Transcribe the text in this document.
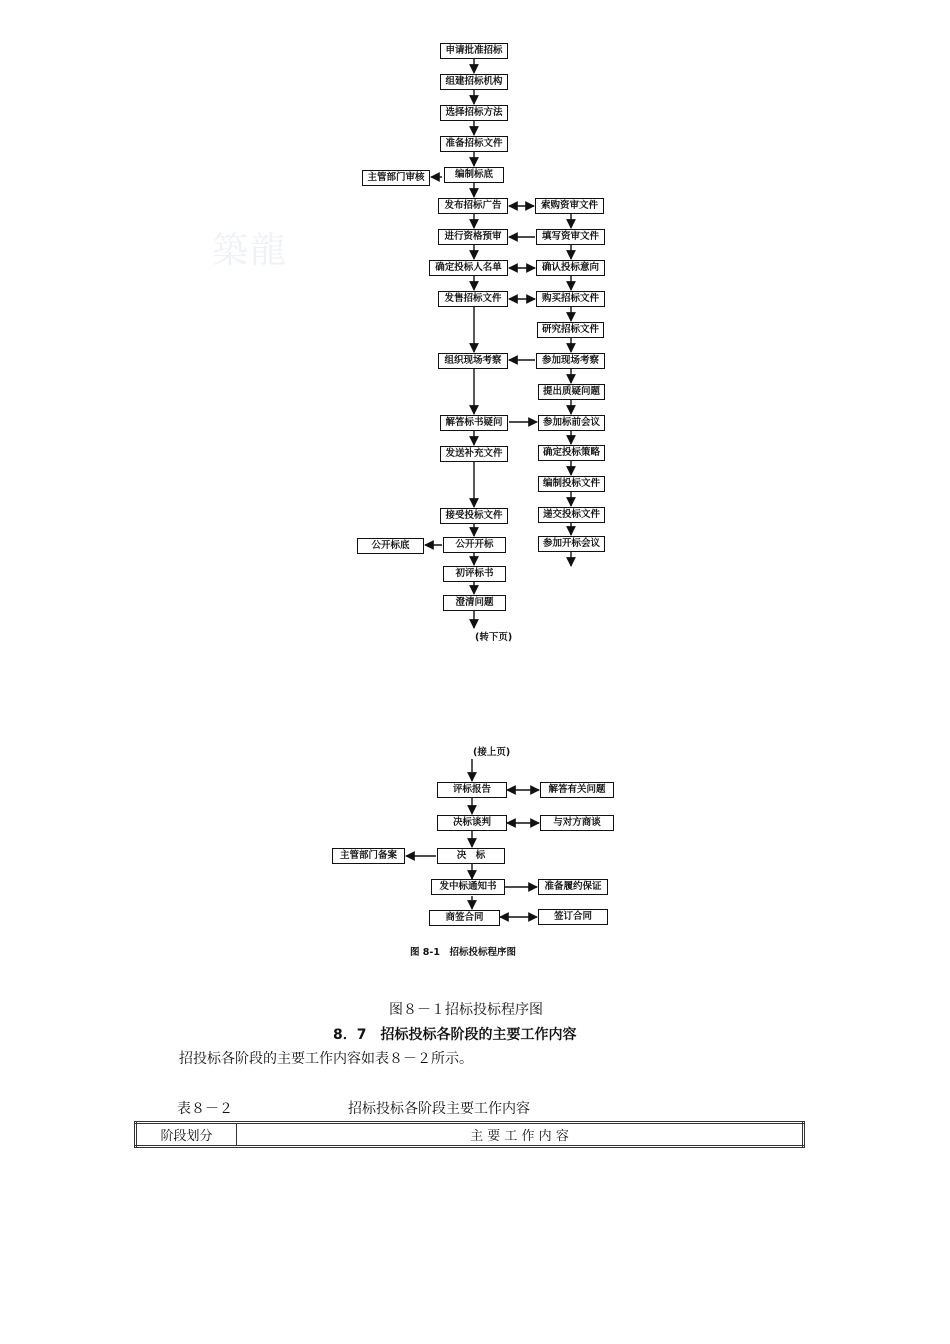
築龍
申请批准招标
组建招标机构
选择招标方法
准备招标文件
编制标底
发布招标广告
进行资格预审
确定投标人名单
发售招标文件
组织现场考察
解答标书疑问
发送补充文件
接受投标文件
公开开标
初评标书
澄清问题
主管部门审核
公开标底
索购资审文件
填写资审文件
确认投标意向
购买招标文件
研究招标文件
参加现场考察
提出质疑问题
参加标前会议
确定投标策略
编制投标文件
递交投标文件
参加开标会议
(转下页)
(接上页)
评标报告
决标谈判
决　标
发中标通知书
商签合同
解答有关问题
与对方商谈
准备履约保证
签订合同
主管部门备案
图 8-1　招标投标程序图
图８－１招标投标程序图
8．7　招标投标各阶段的主要工作内容
招投标各阶段的主要工作内容如表８－２所示。
表８－２	招标投标各阶段主要工作内容
阶段划分	主 要 工 作 内 容
